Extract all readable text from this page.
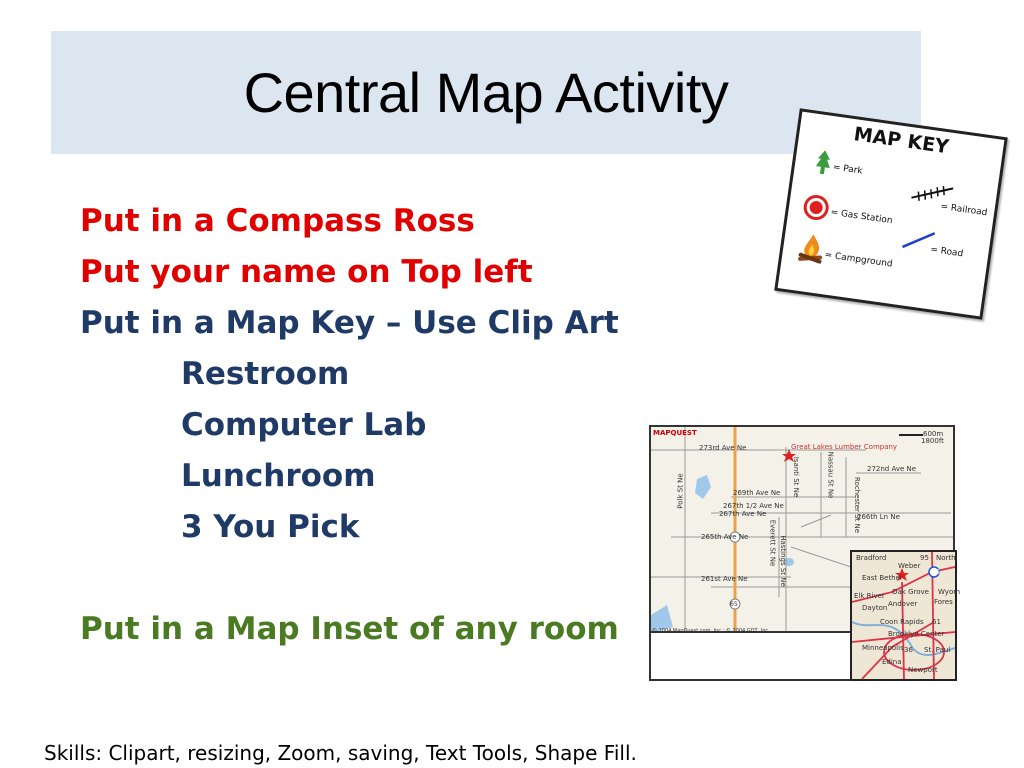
Central Map Activity
Put in a Compass Ross
Put your name on Top left
Put in a Map Key – Use Clip Art
Restroom
Computer Lab
Lunchroom
3 You Pick
Put in a Map Inset of any room
MAP KEY
= Park
= Railroad
= Gas Station
= Road
= Campground
MAPQUEST	600m
1800ft
Great Lakes Lumber Company
273rd Ave Ne
272nd Ave Ne
269th Ave Ne
267th 1/2 Ave Ne
267th Ave Ne	266th Ln Ne
265th Ave Ne
261st Ave Ne
Polk St Ne	Isanti St Ne	Nassau St Ne
Rochester St Ne
Everett St Ne Hastings St Ne
65
© 2004 MapQuest.com, Inc.; © 2004 GDT, Inc.
Bradford	North
East Bethel
Elk River Oak Grove
Dayton Andover
Coon Rapids
Brooklyn Center
Minneapolis	St. Paul
Edina
Newport
Weber
Wyom
Fores
95
35
61
36
Skills: Clipart, resizing, Zoom, saving, Text Tools, Shape Fill.
